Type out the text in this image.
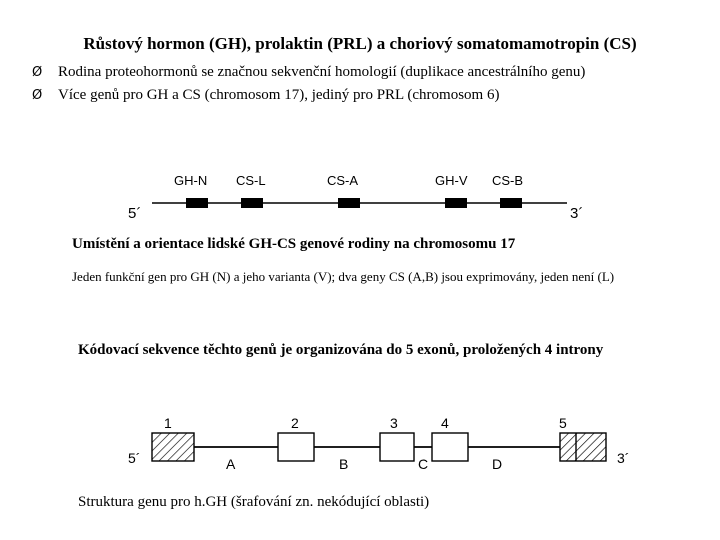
Růstový hormon (GH), prolaktin (PRL) a choriový somatomamotropin (CS)
Ø	Rodina proteohormonů se značnou sekvenční homologií (duplikace ancestrálního genu)
Ø	Více genů pro GH a CS (chromosom 17), jediný pro PRL (chromosom 6)
GH-N CS-L	CS-A	GH-V CS-B
5´	3´
Umístění a orientace lidské GH-CS genové rodiny na chromosomu 17
Jeden funkční gen pro GH (N) a jeho varianta (V); dva geny CS (A,B) jsou exprimovány, jeden není (L)
Kódovací sekvence těchto genů je organizována do 5 exonů, proložených 4 introny
1	2	3	4	5
A	B	C	D
5´	3´
Struktura genu pro h.GH (šrafování zn. nekódující oblasti)
